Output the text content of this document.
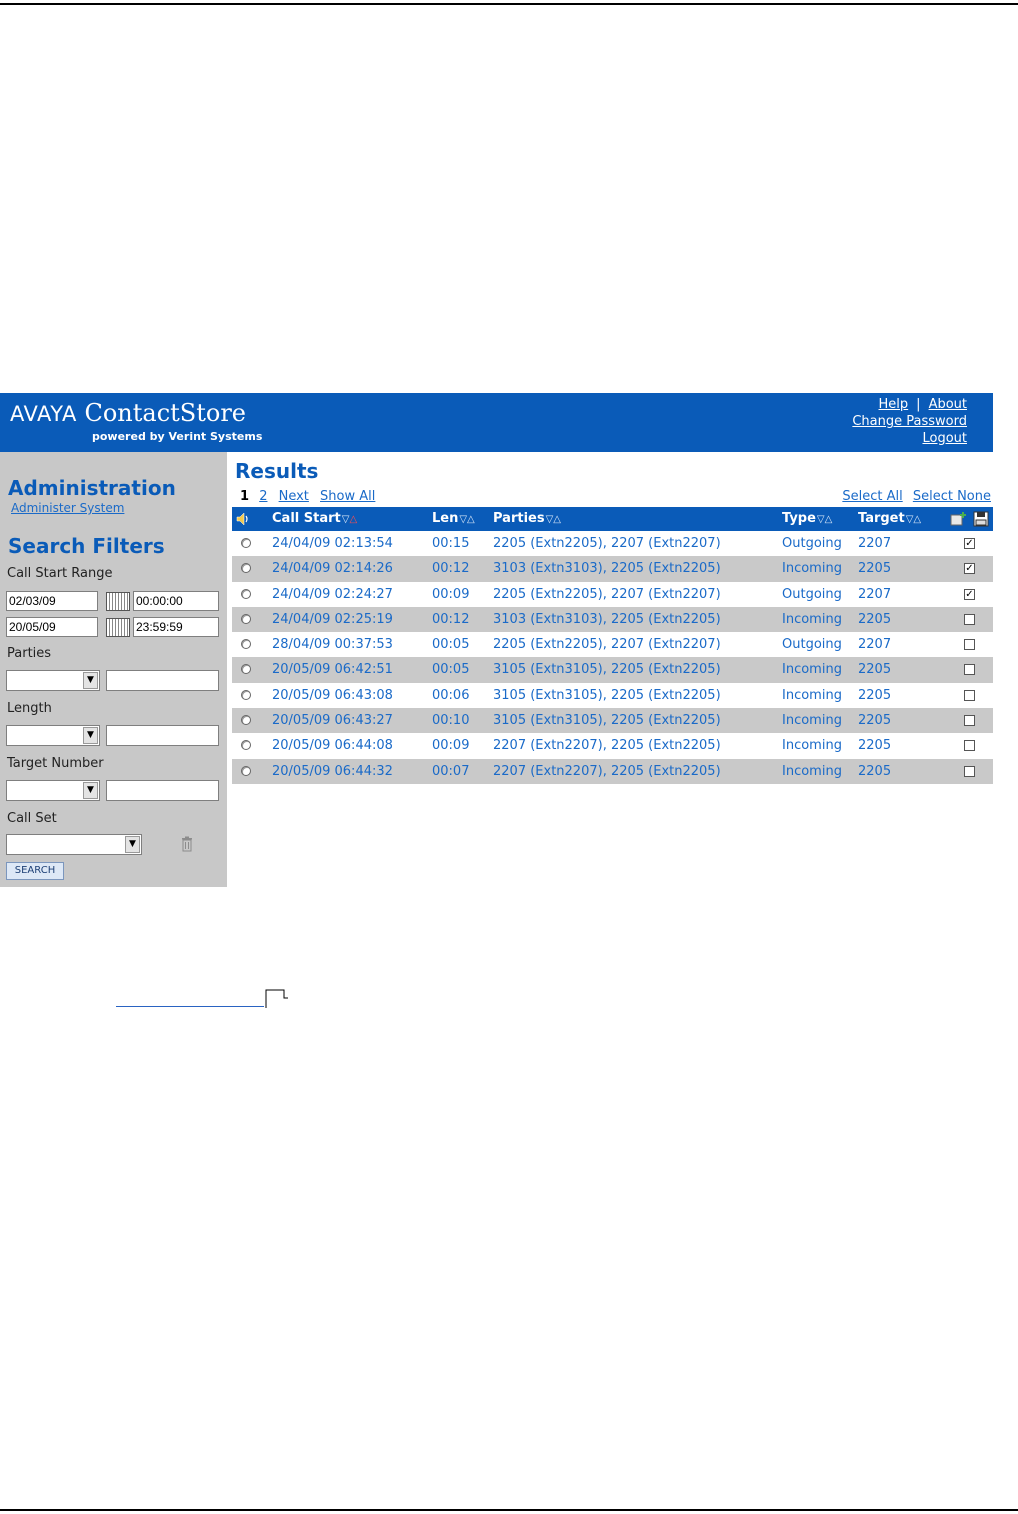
AVAYA ContactStore
powered by Verint Systems
Help | About
Change Password
Logout
Administration
Administer System
Search Filters
Call Start Range
02/03/09
00:00:00
20/05/09
23:59:59
Parties
▼
Length
▼
Target Number
▼
Call Set
▼
SEARCH
Results
1 2 Next Show All	Select All Select None
Call Start▽△	Len▽△ Parties▽△	Type▽△ Target▽△

24/04/09 02:13:54	00:15 2205 (Extn2205), 2207 (Extn2207)	Outgoing 2207	✓
24/04/09 02:14:26	00:12 3103 (Extn3103), 2205 (Extn2205)	Incoming 2205	✓
24/04/09 02:24:27	00:09 2205 (Extn2205), 2207 (Extn2207)	Outgoing 2207	✓
24/04/09 02:25:19	00:12 3103 (Extn3103), 2205 (Extn2205)	Incoming 2205
28/04/09 00:37:53	00:05 2205 (Extn2205), 2207 (Extn2207)	Outgoing 2207
20/05/09 06:42:51	00:05 3105 (Extn3105), 2205 (Extn2205)	Incoming 2205
20/05/09 06:43:08	00:06 3105 (Extn3105), 2205 (Extn2205)	Incoming 2205
20/05/09 06:43:27	00:10 3105 (Extn3105), 2205 (Extn2205)	Incoming 2205
20/05/09 06:44:08	00:09 2207 (Extn2207), 2205 (Extn2205)	Incoming 2205
20/05/09 06:44:32	00:07 2207 (Extn2207), 2205 (Extn2205)	Incoming 2205
